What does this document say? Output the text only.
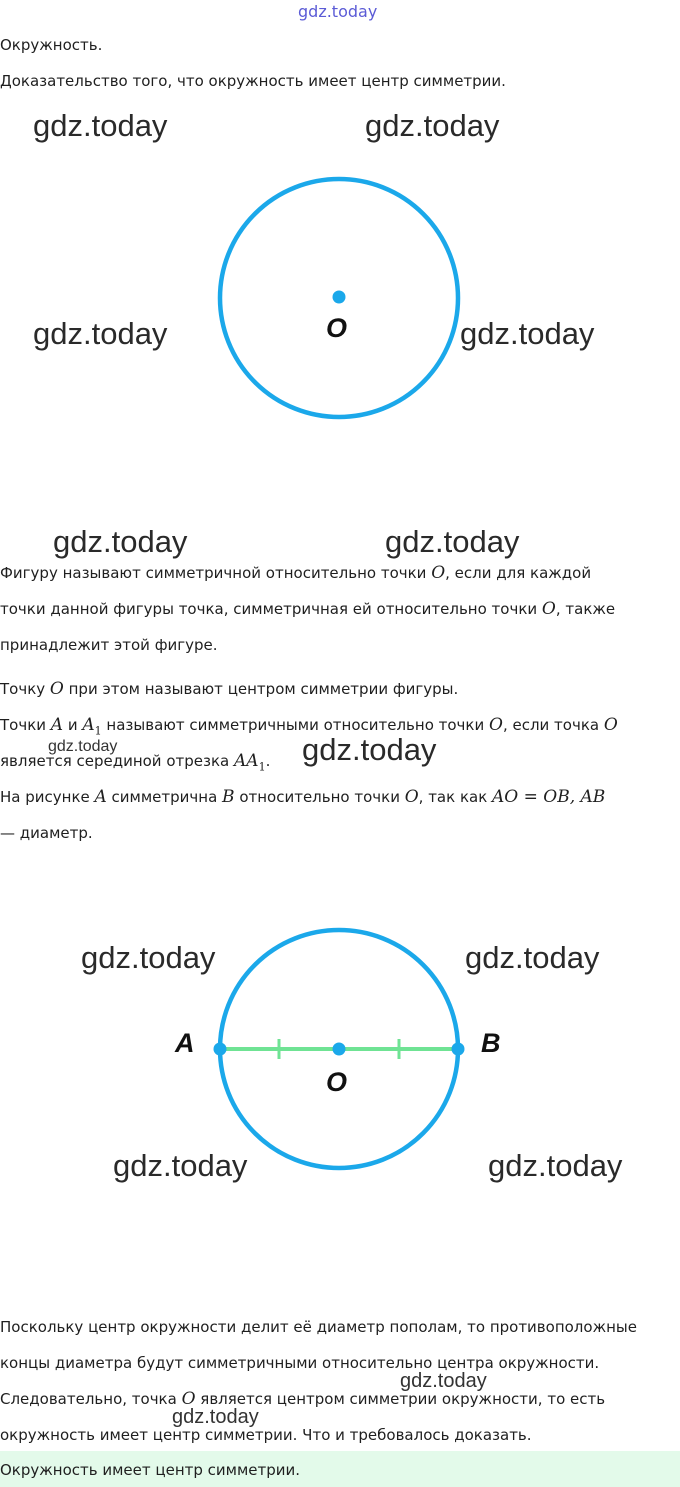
gdz.today
Окружность.
Доказательство того, что окружность имеет центр симметрии.
O
gdz.today	gdz.today
gdz.today	gdz.today
gdz.today	gdz.today
Фигуру называют симметричной относительно точки O, если для каждой
точки данной фигуры точка, симметричная ей относительно точки O, также
принадлежит этой фигуре.
Точку O при этом называют центром симметрии фигуры.
Точки A и $A_1$ называют симметричными относительно точки O, если точка O
является серединой отрезка $AA_1$.
gdz.today	gdz.today
На рисунке A симметрична B относительно точки O, так как AO = OB, AB
— диаметр.
A	B
O
gdz.today	gdz.today
gdz.today	gdz.today
Поскольку центр окружности делит её диаметр пополам, то противоположные
концы диаметра будут симметричными относительно центра окружности.
Следовательно, точка O является центром симметрии окружности, то есть
окружность имеет центр симметрии. Что и требовалось доказать.
gdz.today
gdz.today
Окружность имеет центр симметрии.
